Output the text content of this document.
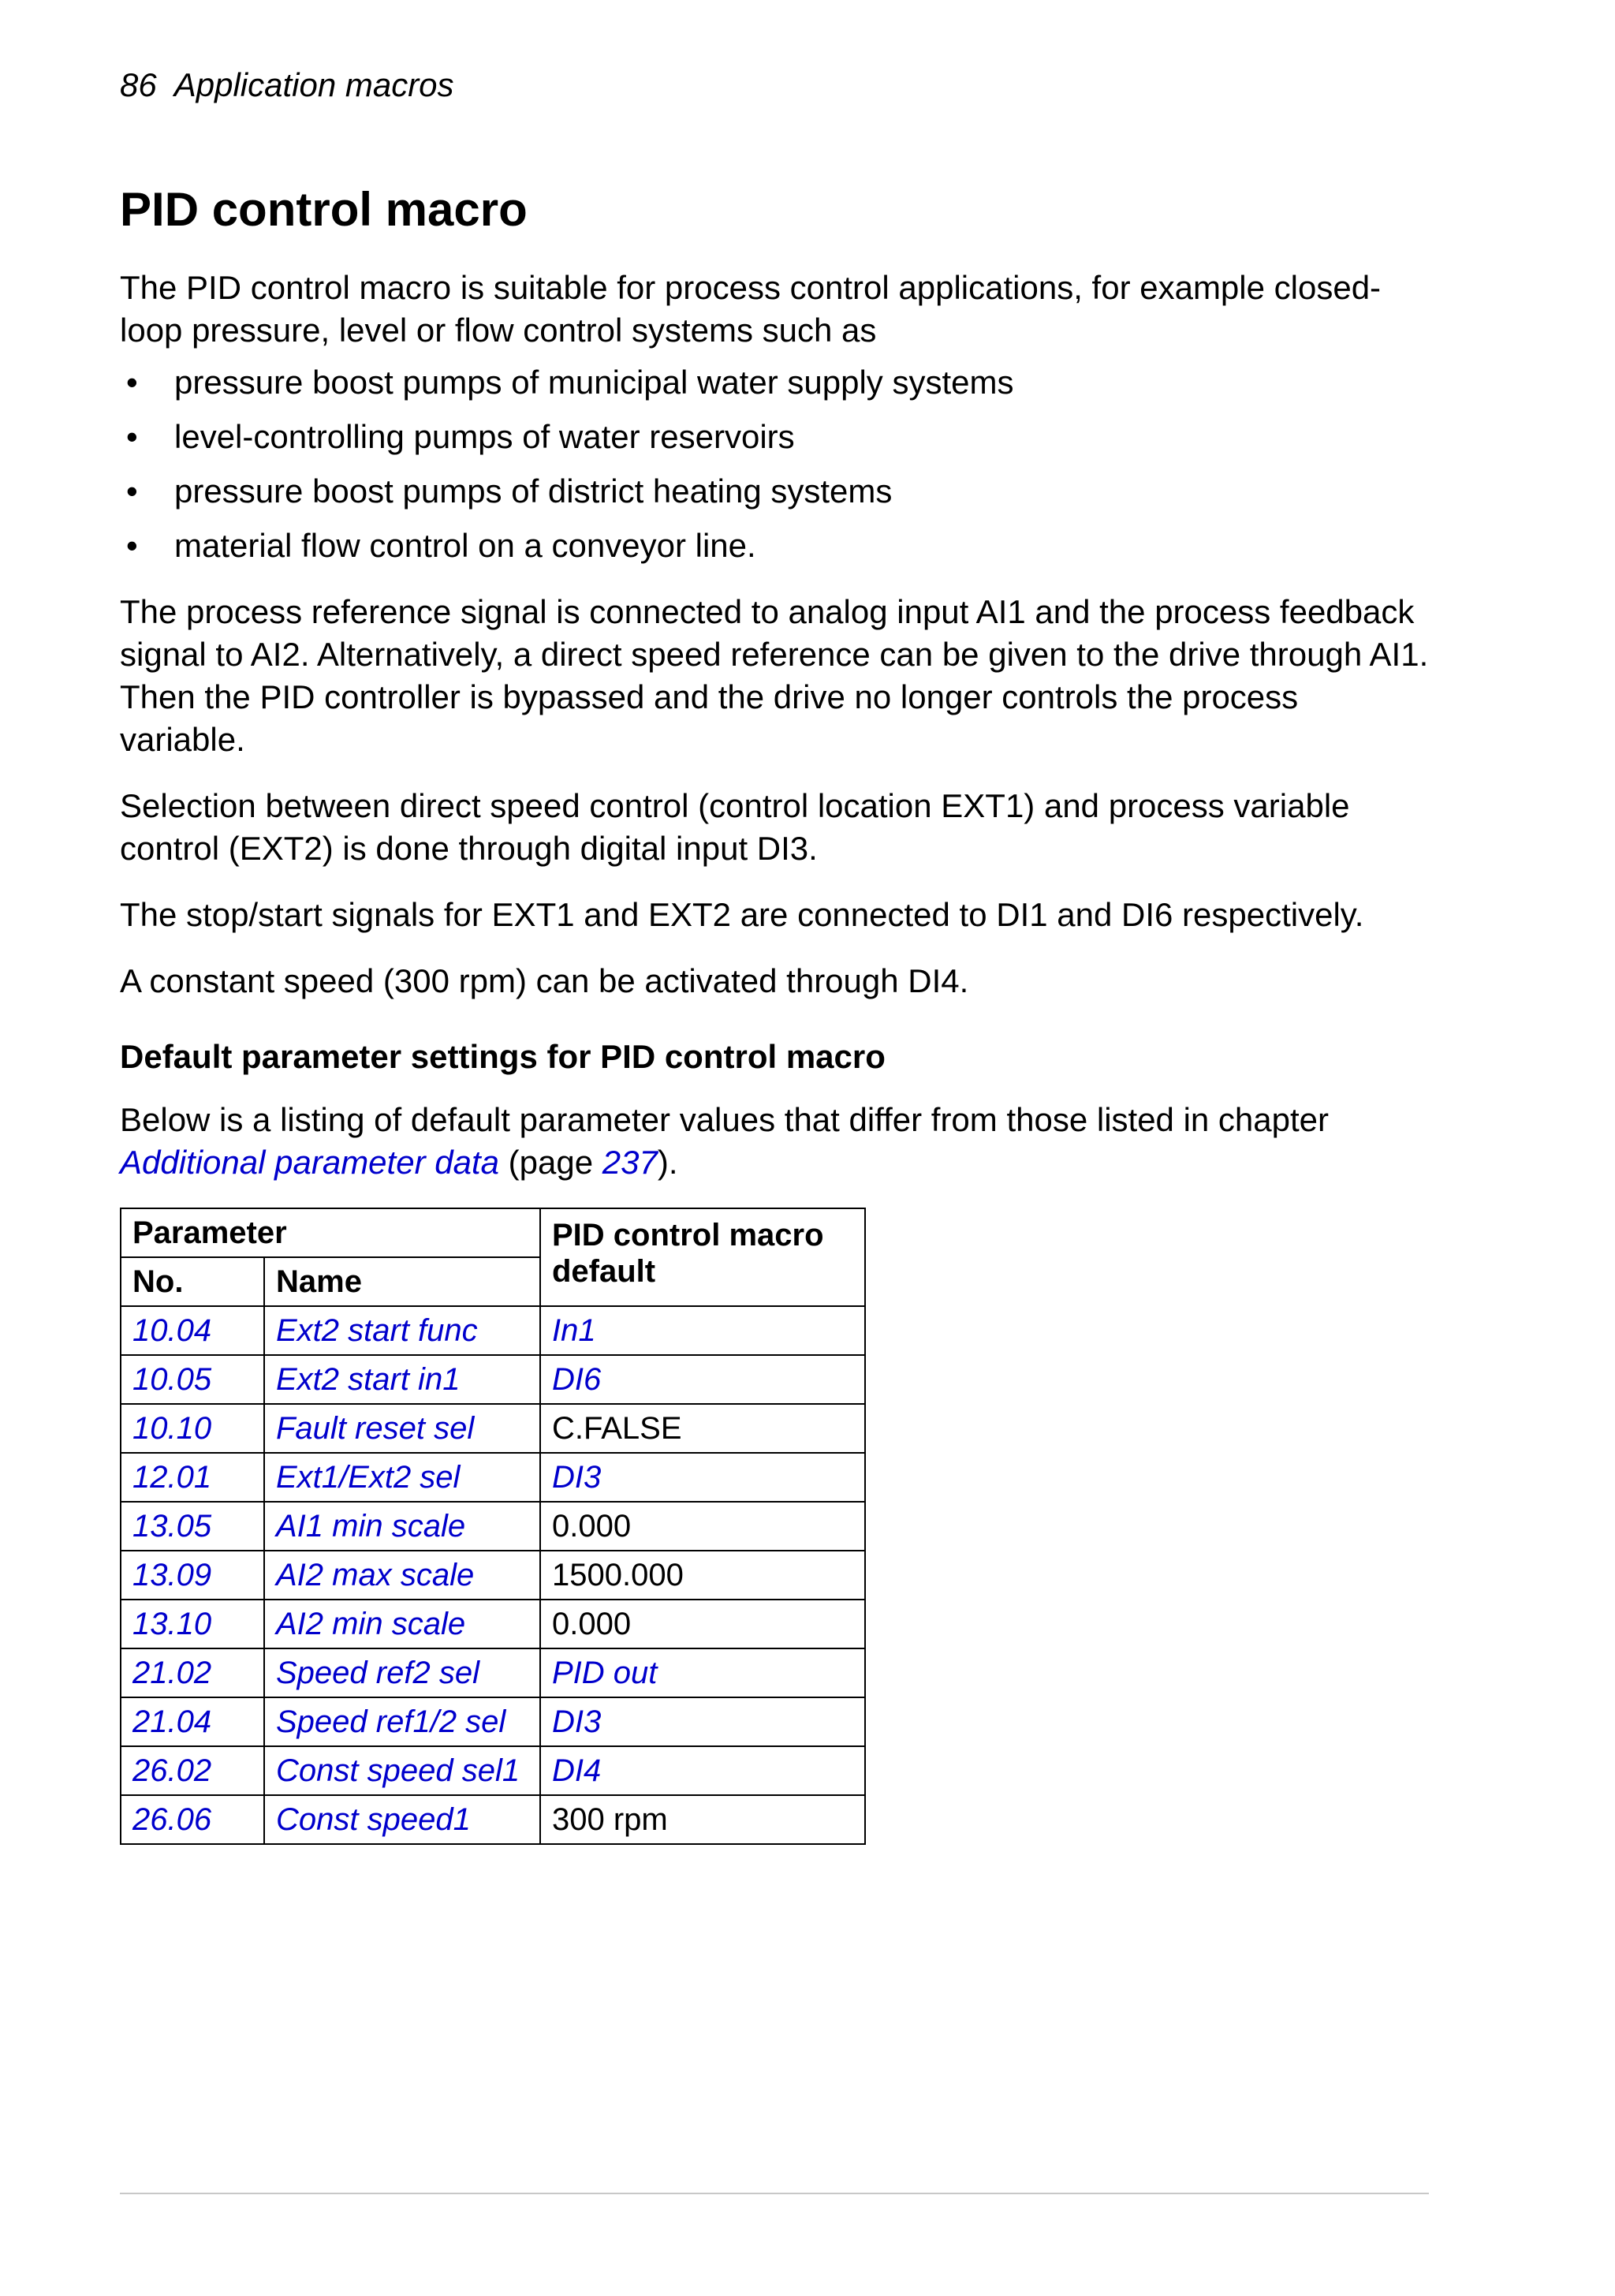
86 Application macros
PID control macro

The PID control macro is suitable for process control applications, for example closed-loop pressure, level or flow control systems such as

• pressure boost pumps of municipal water supply systems
• level-controlling pumps of water reservoirs
• pressure boost pumps of district heating systems
• material flow control on a conveyor line.

The process reference signal is connected to analog input AI1 and the process feedback signal to AI2. Alternatively, a direct speed reference can be given to the drive through AI1. Then the PID controller is bypassed and the drive no longer controls the process variable.

Selection between direct speed control (control location EXT1) and process variable control (EXT2) is done through digital input DI3.

The stop/start signals for EXT1 and EXT2 are connected to DI1 and DI6 respectively.

A constant speed (300 rpm) can be activated through DI4.

Default parameter settings for PID control macro

Below is a listing of default parameter values that differ from those listed in chapter Additional parameter data (page 237).

Parameter		PID control macro default
No.	Name	
10.04	Ext2 start func	In1
10.05	Ext2 start in1	DI6
10.10	Fault reset sel	C.FALSE
12.01	Ext1/Ext2 sel	DI3
13.05	AI1 min scale	0.000
13.09	AI2 max scale	1500.000
13.10	AI2 min scale	0.000
21.02	Speed ref2 sel	PID out
21.04	Speed ref1/2 sel	DI3
26.02	Const speed sel1	DI4
26.06	Const speed1	300 rpm
